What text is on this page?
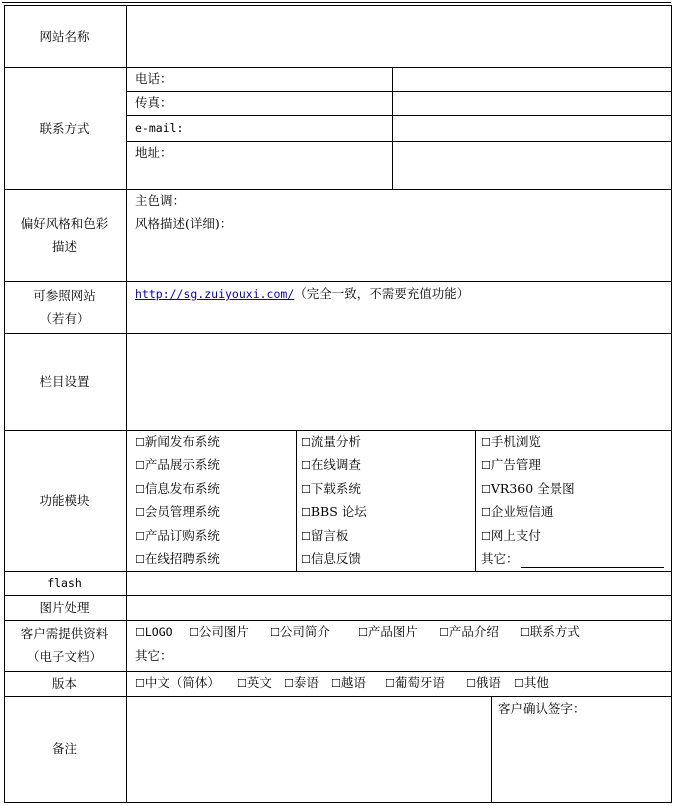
网站名称
联系方式
偏好风格和色彩
描述
可参照网站
（若有）
栏目设置
功能模块
flash
图片处理
客户需提供资料
（电子文档）
版本
备注
电话：
传真：
e-mail:
地址：
主色调：
风格描述(详细)：
http://sg.zuiyouxi.com/（完全一致，不需要充值功能）
☐新闻发布系统
☐产品展示系统
☐信息发布系统
☐会员管理系统
☐产品订购系统
☐在线招聘系统
☐流量分析
☐在线调查
☐下载系统
☐BBS 论坛
☐留言板
☐信息反馈
☐手机浏览
☐广告管理
☐VR360 全景图
☐企业短信通
☐网上支付
其它：
☐LOGO ☐公司图片 ☐公司简介	☐产品图片 ☐产品介绍 ☐联系方式
其它：
☐中文（简体） ☐英文 ☐泰语 ☐越语 ☐葡萄牙语 ☐俄语 ☐其他
客户确认签字：
